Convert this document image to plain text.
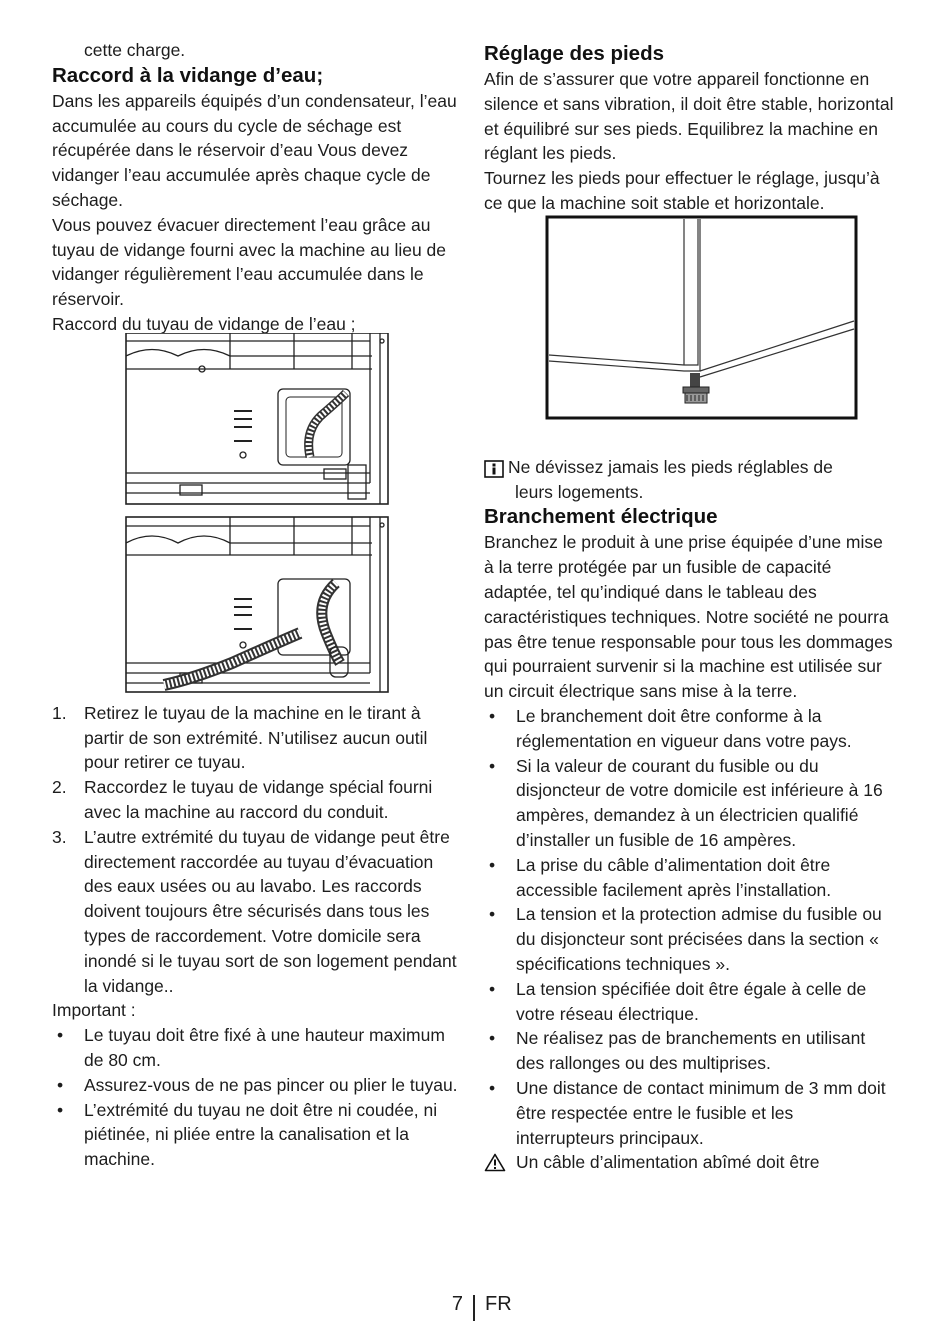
cette charge.

Raccord à la vidange d’eau;

Dans les appareils équipés d’un condensateur, l’eau accumulée au cours du cycle de séchage est récupérée dans le réservoir d’eau Vous devez vidanger l’eau accumulée après chaque cycle de séchage.

Vous pouvez évacuer directement l’eau grâce au tuyau de vidange fourni avec la machine au lieu de vidanger régulièrement l’eau accumulée dans le réservoir.

Raccord du tuyau de vidange de l’eau ;

1. Retirez le tuyau de la machine en le tirant à partir de son extrémité. N’utilisez aucun outil pour retirer ce tuyau.
2. Raccordez le tuyau de vidange spécial fourni avec la machine au raccord du conduit.
3. L’autre extrémité du tuyau de vidange peut être directement raccordée au tuyau d’évacuation des eaux usées ou au lavabo. Les raccords doivent toujours être sécurisés dans tous les types de raccordement. Votre domicile sera inondé si le tuyau sort de son logement pendant la vidange..

Important :

• Le tuyau doit être fixé à une hauteur maximum de 80 cm.
• Assurez-vous de ne pas pincer ou plier le tuyau.
• L’extrémité du tuyau ne doit être ni coudée, ni piétinée, ni pliée entre la canalisation et la machine.
Réglage des pieds

Afin de s’assurer que votre appareil fonctionne en silence et sans vibration, il doit être stable, horizontal et équilibré sur ses pieds. Equilibrez la machine en réglant les pieds.

Tournez les pieds pour effectuer le réglage, jusqu’à ce que la machine soit stable et horizontale.

Ne dévissez jamais les pieds réglables de
leurs logements.
Branchement électrique

Branchez le produit à une prise équipée d’une mise à la terre protégée par un fusible de capacité adaptée, tel qu’indiqué dans le tableau des caractéristiques techniques. Notre société ne pourra pas être tenue responsable pour tous les dommages qui pourraient survenir si la machine est utilisée sur un circuit électrique sans mise à la terre.

• Le branchement doit être conforme à la réglementation en vigueur dans votre pays.
• Si la valeur de courant du fusible ou du disjoncteur de votre domicile est inférieure à 16 ampères, demandez à un électricien qualifié d’installer un fusible de 16 ampères.
• La prise du câble d’alimentation doit être accessible facilement après l’installation.
• La tension et la protection admise du fusible ou du disjoncteur sont précisées dans la section « spécifications techniques ».
• La tension spécifiée doit être égale à celle de votre réseau électrique.
• Ne réalisez pas de branchements en utilisant des rallonges ou des multiprises.
• Une distance de contact minimum de 3 mm doit être respectée entre le fusible et les interrupteurs principaux.
Un câble d’alimentation abîmé doit être
7 FR
